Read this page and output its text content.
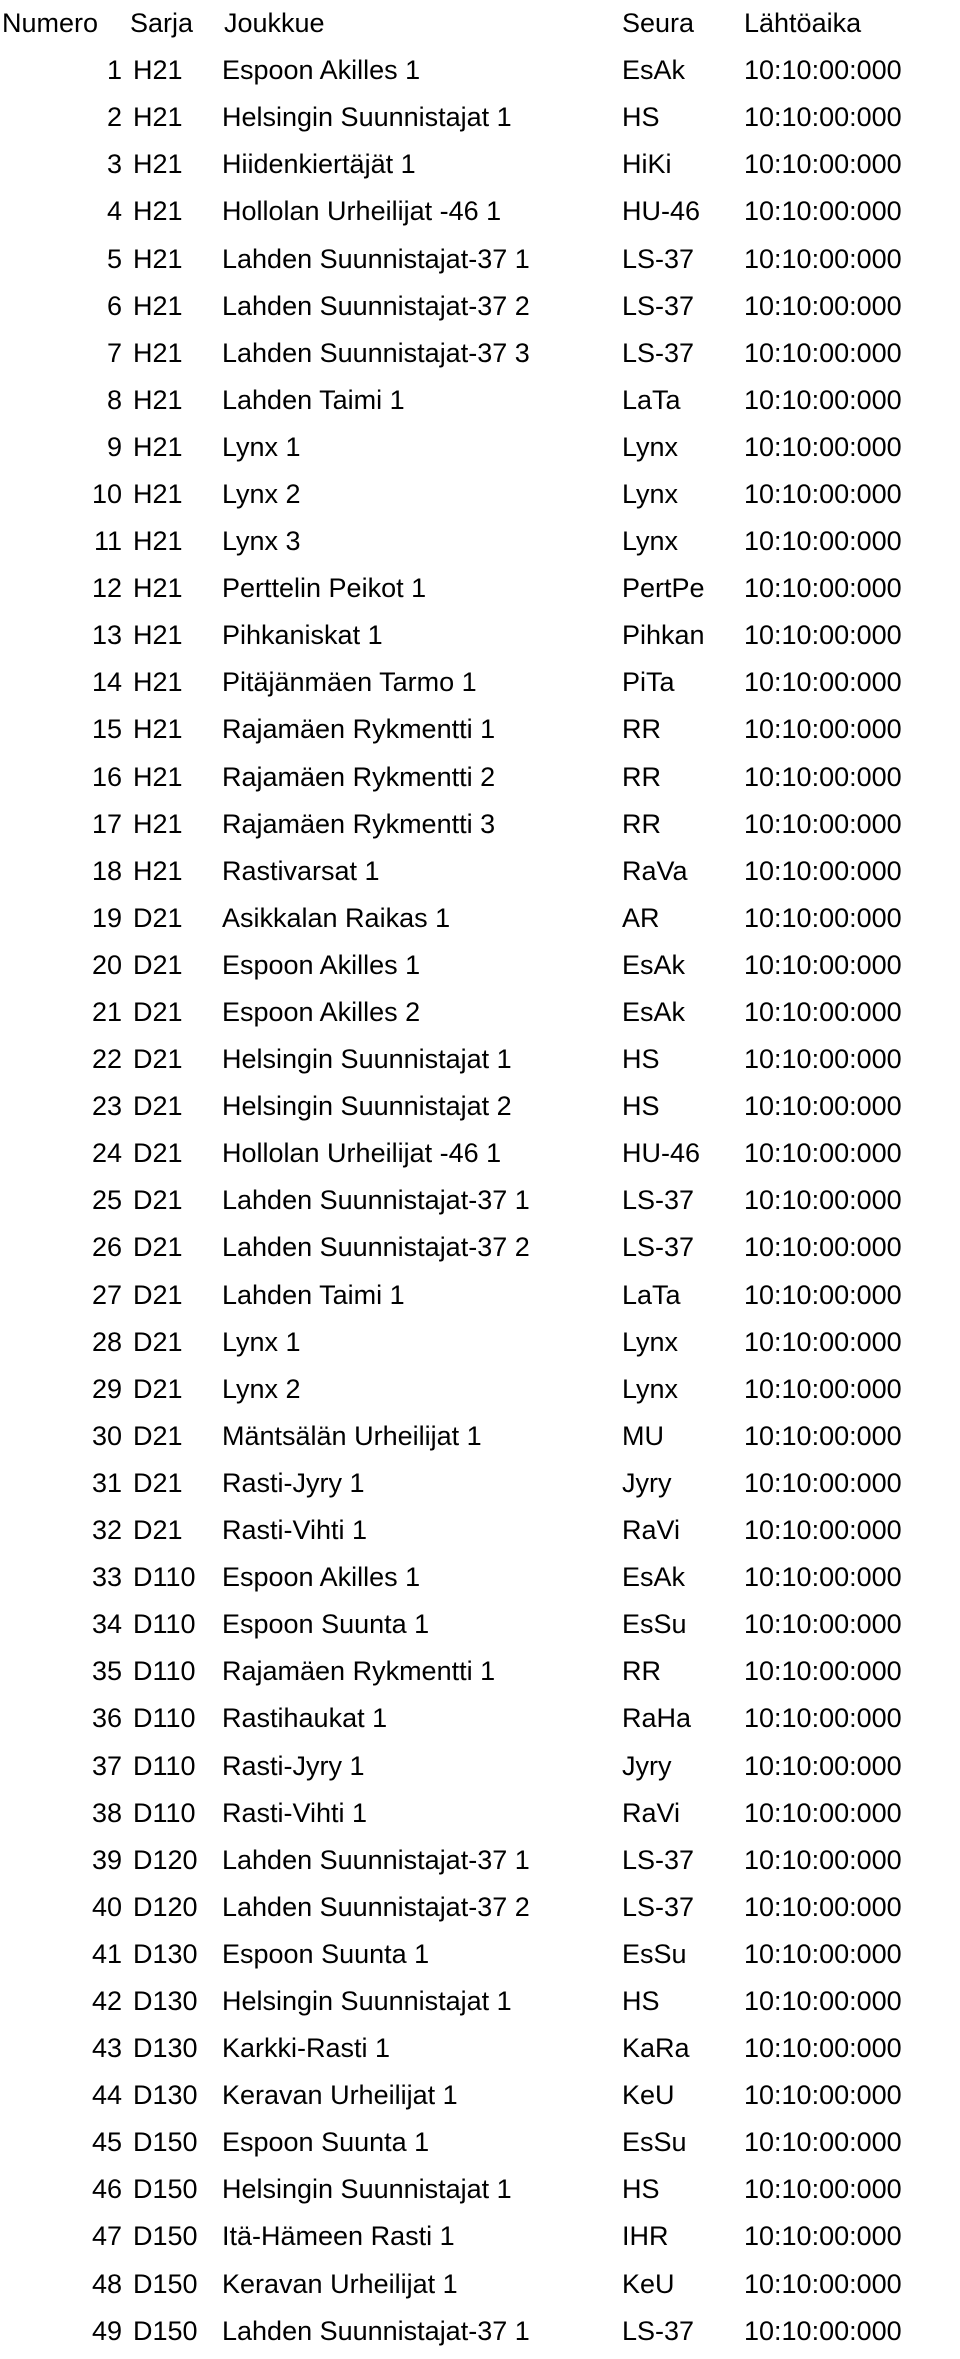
Numero	Sarja	Joukkue	Seura	Lähtöaika
1	H21	Espoon Akilles 1	EsAk	10:10:00:000
2	H21	Helsingin Suunnistajat 1	HS	10:10:00:000
3	H21	Hiidenkiertäjät 1	HiKi	10:10:00:000
4	H21	Hollolan Urheilijat -46 1	HU-46	10:10:00:000
5	H21	Lahden Suunnistajat-37 1	LS-37	10:10:00:000
6	H21	Lahden Suunnistajat-37 2	LS-37	10:10:00:000
7	H21	Lahden Suunnistajat-37 3	LS-37	10:10:00:000
8	H21	Lahden Taimi 1	LaTa	10:10:00:000
9	H21	Lynx 1	Lynx	10:10:00:000
10	H21	Lynx 2	Lynx	10:10:00:000
11	H21	Lynx 3	Lynx	10:10:00:000
12	H21	Perttelin Peikot 1	PertPe	10:10:00:000
13	H21	Pihkaniskat 1	Pihkan	10:10:00:000
14	H21	Pitäjänmäen Tarmo 1	PiTa	10:10:00:000
15	H21	Rajamäen Rykmentti 1	RR	10:10:00:000
16	H21	Rajamäen Rykmentti 2	RR	10:10:00:000
17	H21	Rajamäen Rykmentti 3	RR	10:10:00:000
18	H21	Rastivarsat 1	RaVa	10:10:00:000
19	D21	Asikkalan Raikas 1	AR	10:10:00:000
20	D21	Espoon Akilles 1	EsAk	10:10:00:000
21	D21	Espoon Akilles 2	EsAk	10:10:00:000
22	D21	Helsingin Suunnistajat 1	HS	10:10:00:000
23	D21	Helsingin Suunnistajat 2	HS	10:10:00:000
24	D21	Hollolan Urheilijat -46 1	HU-46	10:10:00:000
25	D21	Lahden Suunnistajat-37 1	LS-37	10:10:00:000
26	D21	Lahden Suunnistajat-37 2	LS-37	10:10:00:000
27	D21	Lahden Taimi 1	LaTa	10:10:00:000
28	D21	Lynx 1	Lynx	10:10:00:000
29	D21	Lynx 2	Lynx	10:10:00:000
30	D21	Mäntsälän Urheilijat 1	MU	10:10:00:000
31	D21	Rasti-Jyry 1	Jyry	10:10:00:000
32	D21	Rasti-Vihti 1	RaVi	10:10:00:000
33	D110	Espoon Akilles 1	EsAk	10:10:00:000
34	D110	Espoon Suunta 1	EsSu	10:10:00:000
35	D110	Rajamäen Rykmentti 1	RR	10:10:00:000
36	D110	Rastihaukat 1	RaHa	10:10:00:000
37	D110	Rasti-Jyry 1	Jyry	10:10:00:000
38	D110	Rasti-Vihti 1	RaVi	10:10:00:000
39	D120	Lahden Suunnistajat-37 1	LS-37	10:10:00:000
40	D120	Lahden Suunnistajat-37 2	LS-37	10:10:00:000
41	D130	Espoon Suunta 1	EsSu	10:10:00:000
42	D130	Helsingin Suunnistajat 1	HS	10:10:00:000
43	D130	Karkki-Rasti 1	KaRa	10:10:00:000
44	D130	Keravan Urheilijat 1	KeU	10:10:00:000
45	D150	Espoon Suunta 1	EsSu	10:10:00:000
46	D150	Helsingin Suunnistajat 1	HS	10:10:00:000
47	D150	Itä-Hämeen Rasti 1	IHR	10:10:00:000
48	D150	Keravan Urheilijat 1	KeU	10:10:00:000
49	D150	Lahden Suunnistajat-37 1	LS-37	10:10:00:000
